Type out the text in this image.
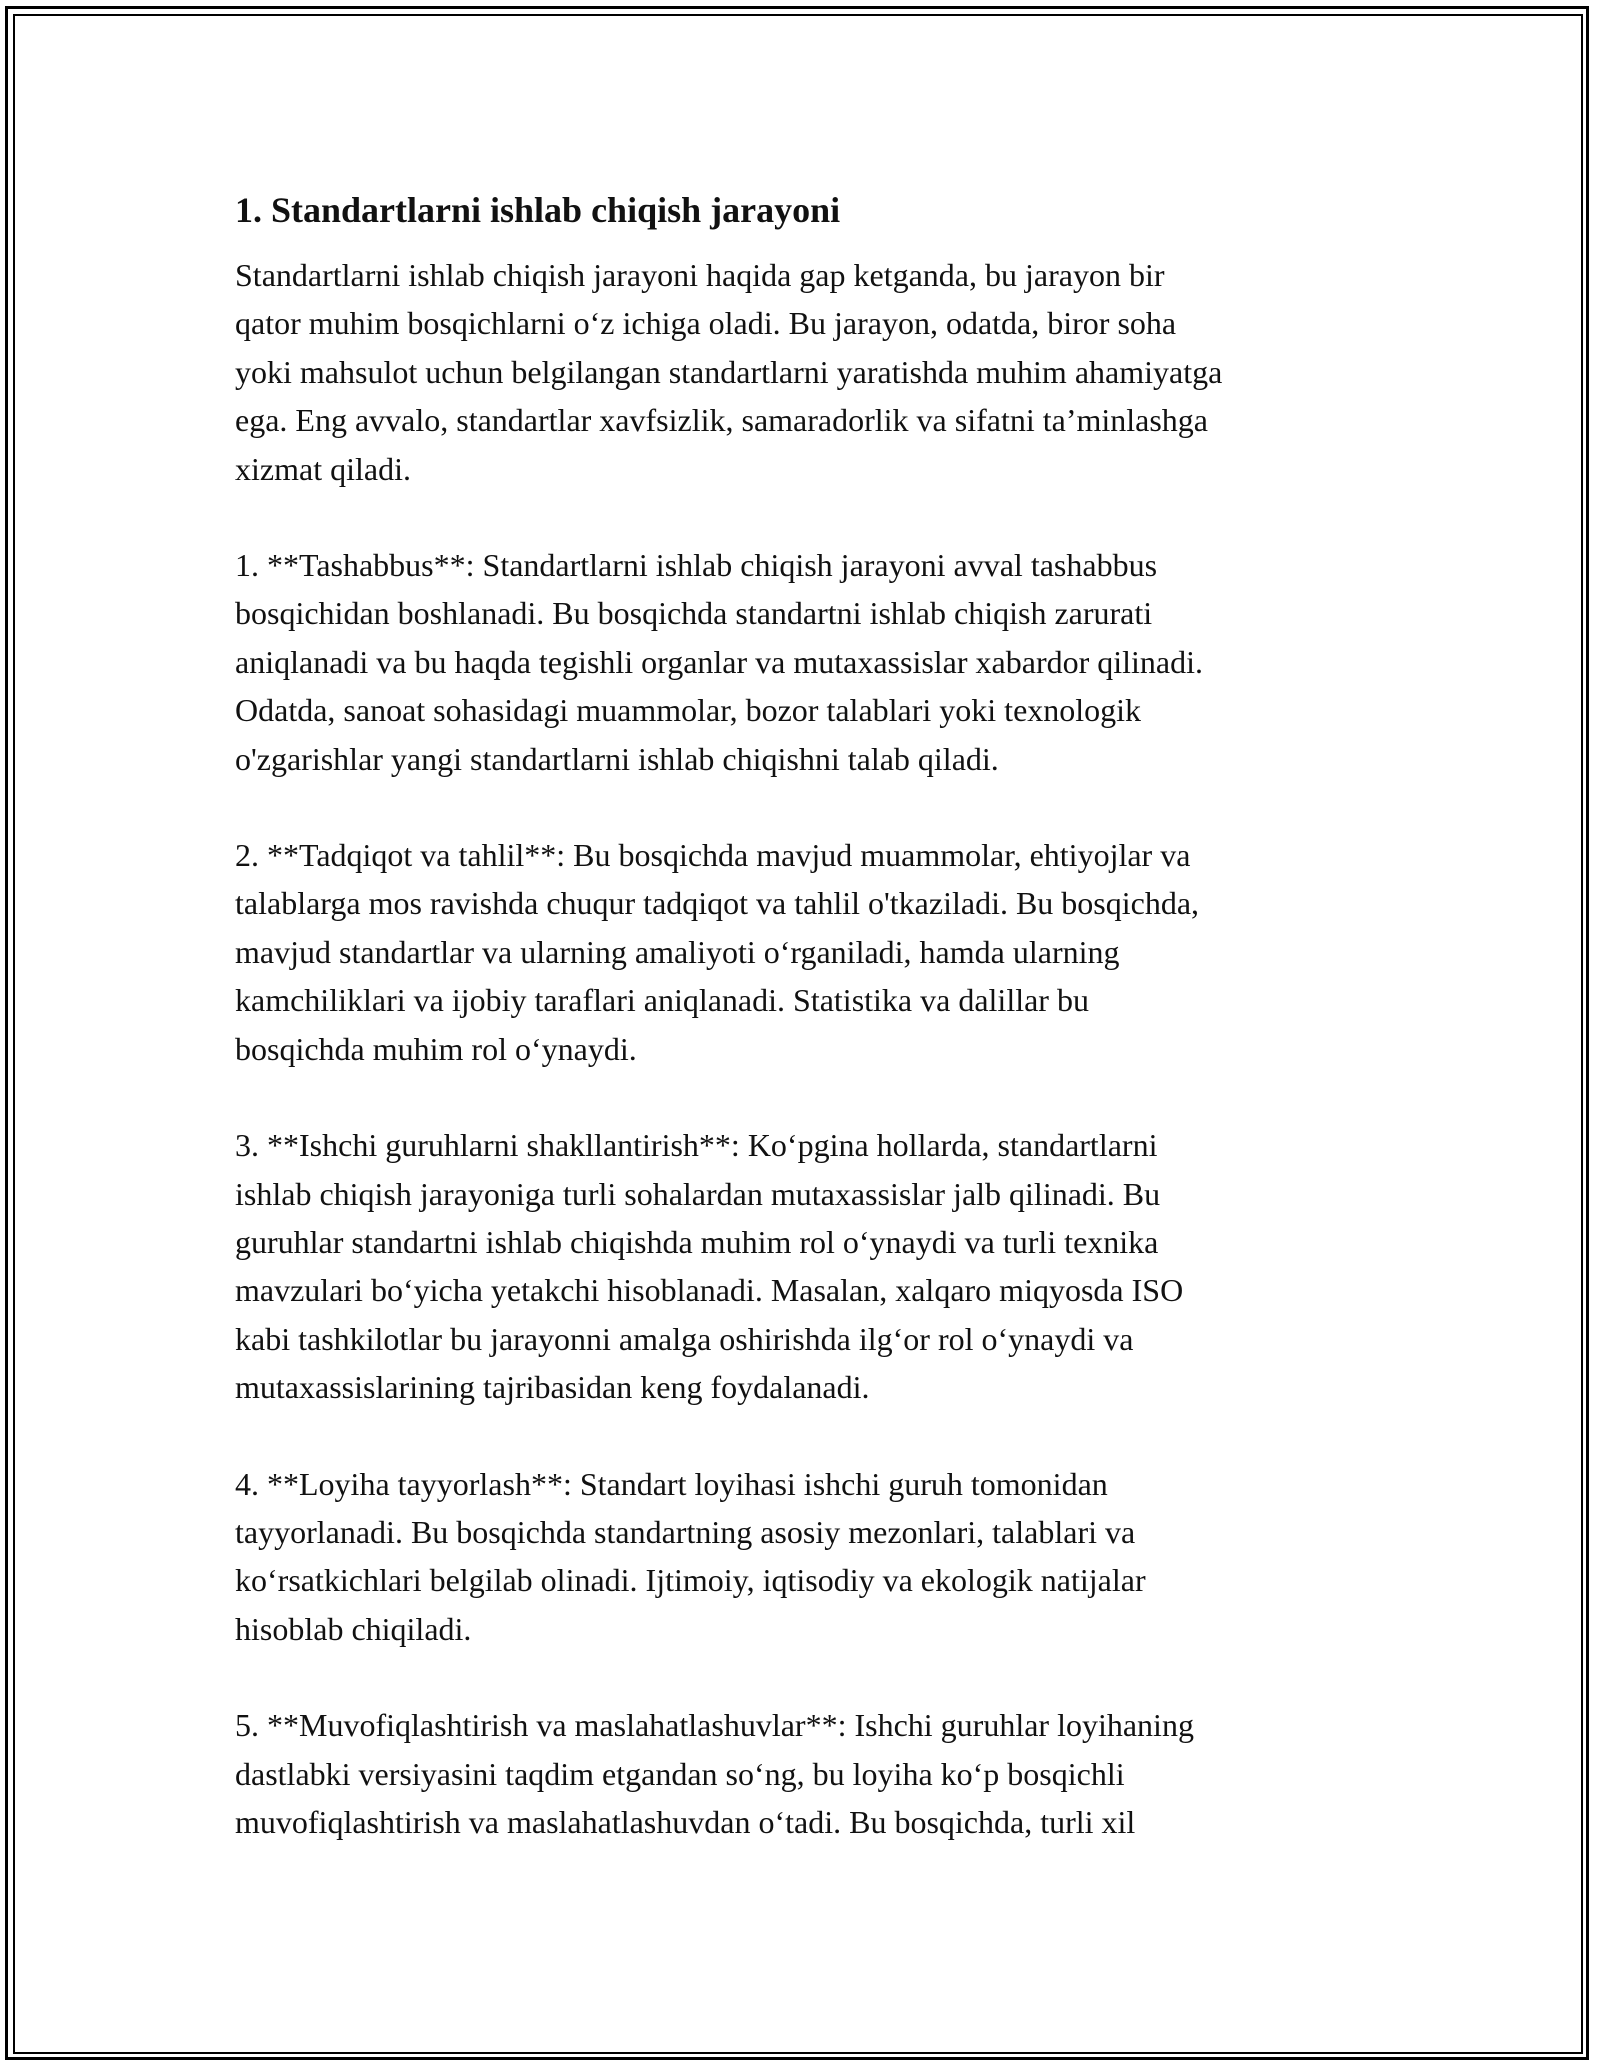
1. Standartlarni ishlab chiqish jarayoni

Standartlarni ishlab chiqish jarayoni haqida gap ketganda, bu jarayon bir
qator muhim bosqichlarni o‘z ichiga oladi. Bu jarayon, odatda, biror soha
yoki mahsulot uchun belgilangan standartlarni yaratishda muhim ahamiyatga
ega. Eng avvalo, standartlar xavfsizlik, samaradorlik va sifatni ta’minlashga
xizmat qiladi.

1. **Tashabbus**: Standartlarni ishlab chiqish jarayoni avval tashabbus
bosqichidan boshlanadi. Bu bosqichda standartni ishlab chiqish zarurati
aniqlanadi va bu haqda tegishli organlar va mutaxassislar xabardor qilinadi.
Odatda, sanoat sohasidagi muammolar, bozor talablari yoki texnologik
o'zgarishlar yangi standartlarni ishlab chiqishni talab qiladi.

2. **Tadqiqot va tahlil**: Bu bosqichda mavjud muammolar, ehtiyojlar va
talablarga mos ravishda chuqur tadqiqot va tahlil o'tkaziladi. Bu bosqichda,
mavjud standartlar va ularning amaliyoti o‘rganiladi, hamda ularning
kamchiliklari va ijobiy taraflari aniqlanadi. Statistika va dalillar bu
bosqichda muhim rol o‘ynaydi.

3. **Ishchi guruhlarni shakllantirish**: Ko‘pgina hollarda, standartlarni
ishlab chiqish jarayoniga turli sohalardan mutaxassislar jalb qilinadi. Bu
guruhlar standartni ishlab chiqishda muhim rol o‘ynaydi va turli texnika
mavzulari bo‘yicha yetakchi hisoblanadi. Masalan, xalqaro miqyosda ISO
kabi tashkilotlar bu jarayonni amalga oshirishda ilg‘or rol o‘ynaydi va
mutaxassislarining tajribasidan keng foydalanadi.

4. **Loyiha tayyorlash**: Standart loyihasi ishchi guruh tomonidan
tayyorlanadi. Bu bosqichda standartning asosiy mezonlari, talablari va
ko‘rsatkichlari belgilab olinadi. Ijtimoiy, iqtisodiy va ekologik natijalar
hisoblab chiqiladi.

5. **Muvofiqlashtirish va maslahatlashuvlar**: Ishchi guruhlar loyihaning
dastlabki versiyasini taqdim etgandan so‘ng, bu loyiha ko‘p bosqichli
muvofiqlashtirish va maslahatlashuvdan o‘tadi. Bu bosqichda, turli xil
